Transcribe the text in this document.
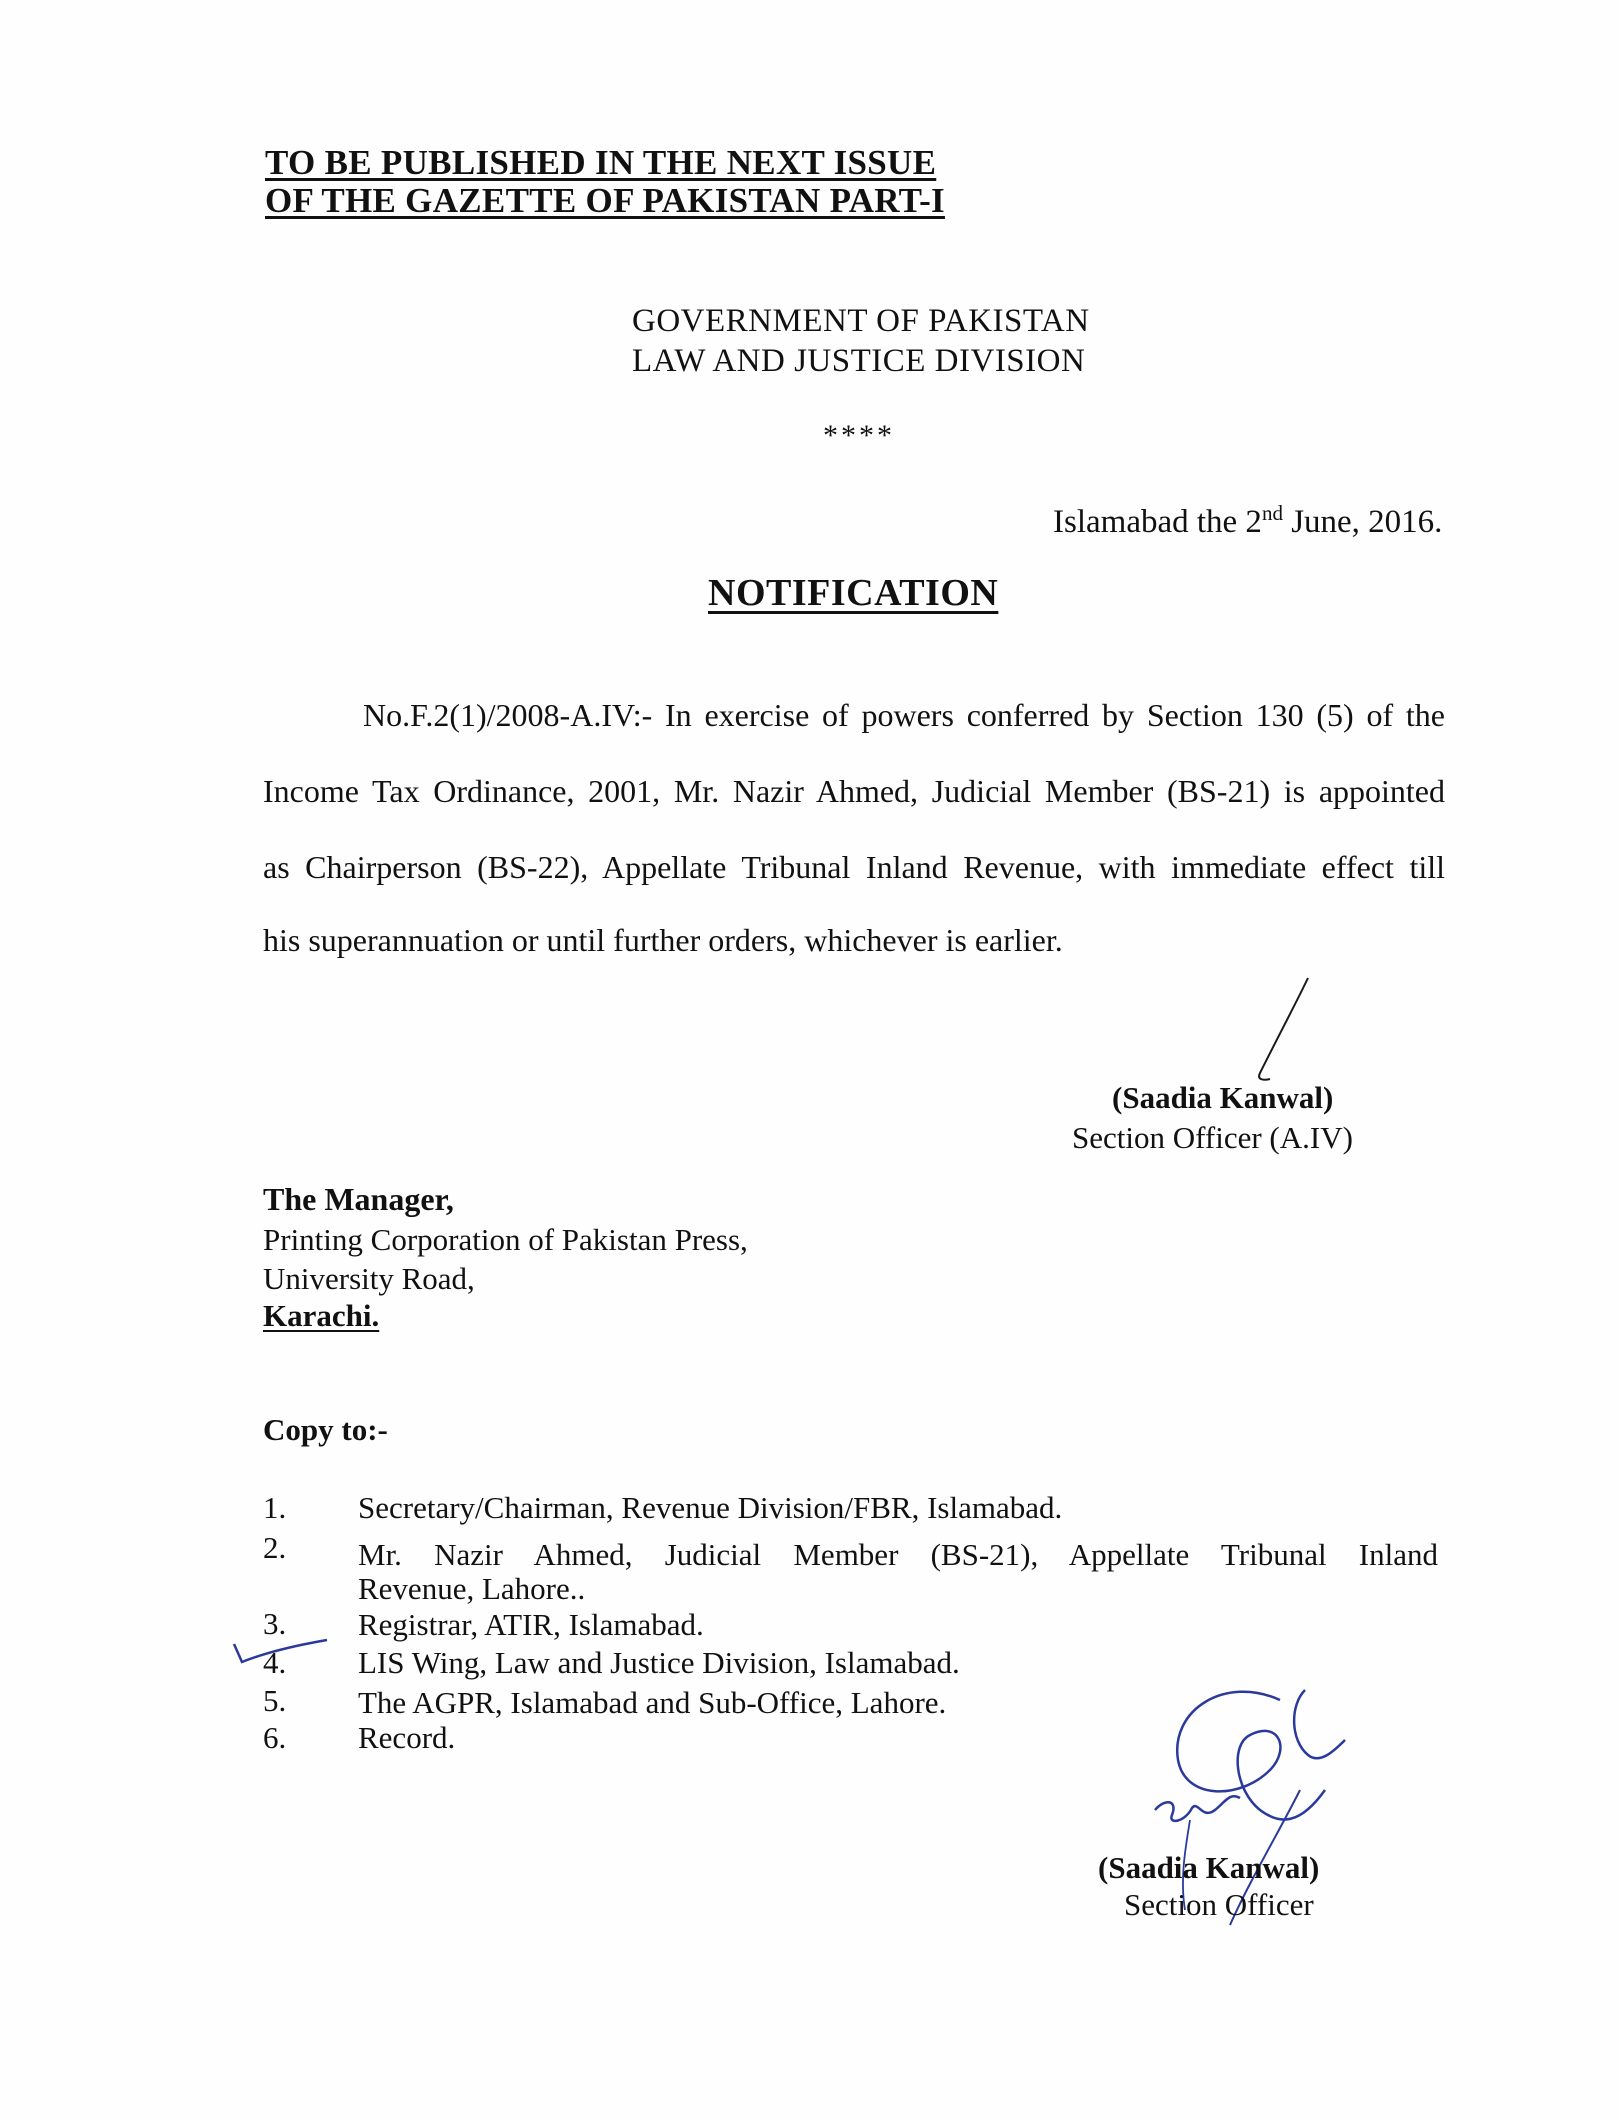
TO BE PUBLISHED IN THE NEXT ISSUE
OF THE GAZETTE OF PAKISTAN PART-I
GOVERNMENT OF PAKISTAN
LAW AND JUSTICE DIVISION
****
Islamabad the 2nd June, 2016.
NOTIFICATION
No.F.2(1)/2008-A.IV:- In exercise of powers conferred by Section 130 (5) of the
Income Tax Ordinance, 2001, Mr. Nazir Ahmed, Judicial Member (BS-21) is appointed
as Chairperson (BS-22), Appellate Tribunal Inland Revenue, with immediate effect till
his superannuation or until further orders, whichever is earlier.
(Saadia Kanwal)
Section Officer (A.IV)
The Manager,
Printing Corporation of Pakistan Press,
University Road,
Karachi.
Copy to:-
1. Secretary/Chairman, Revenue Division/FBR, Islamabad.
2. Mr. Nazir Ahmed, Judicial Member (BS-21), Appellate Tribunal Inland
Revenue, Lahore..
3. Registrar, ATIR, Islamabad.
4. LIS Wing, Law and Justice Division, Islamabad.
5. The AGPR, Islamabad and Sub-Office, Lahore.
6. Record.
(Saadia Kanwal)
Section Officer
